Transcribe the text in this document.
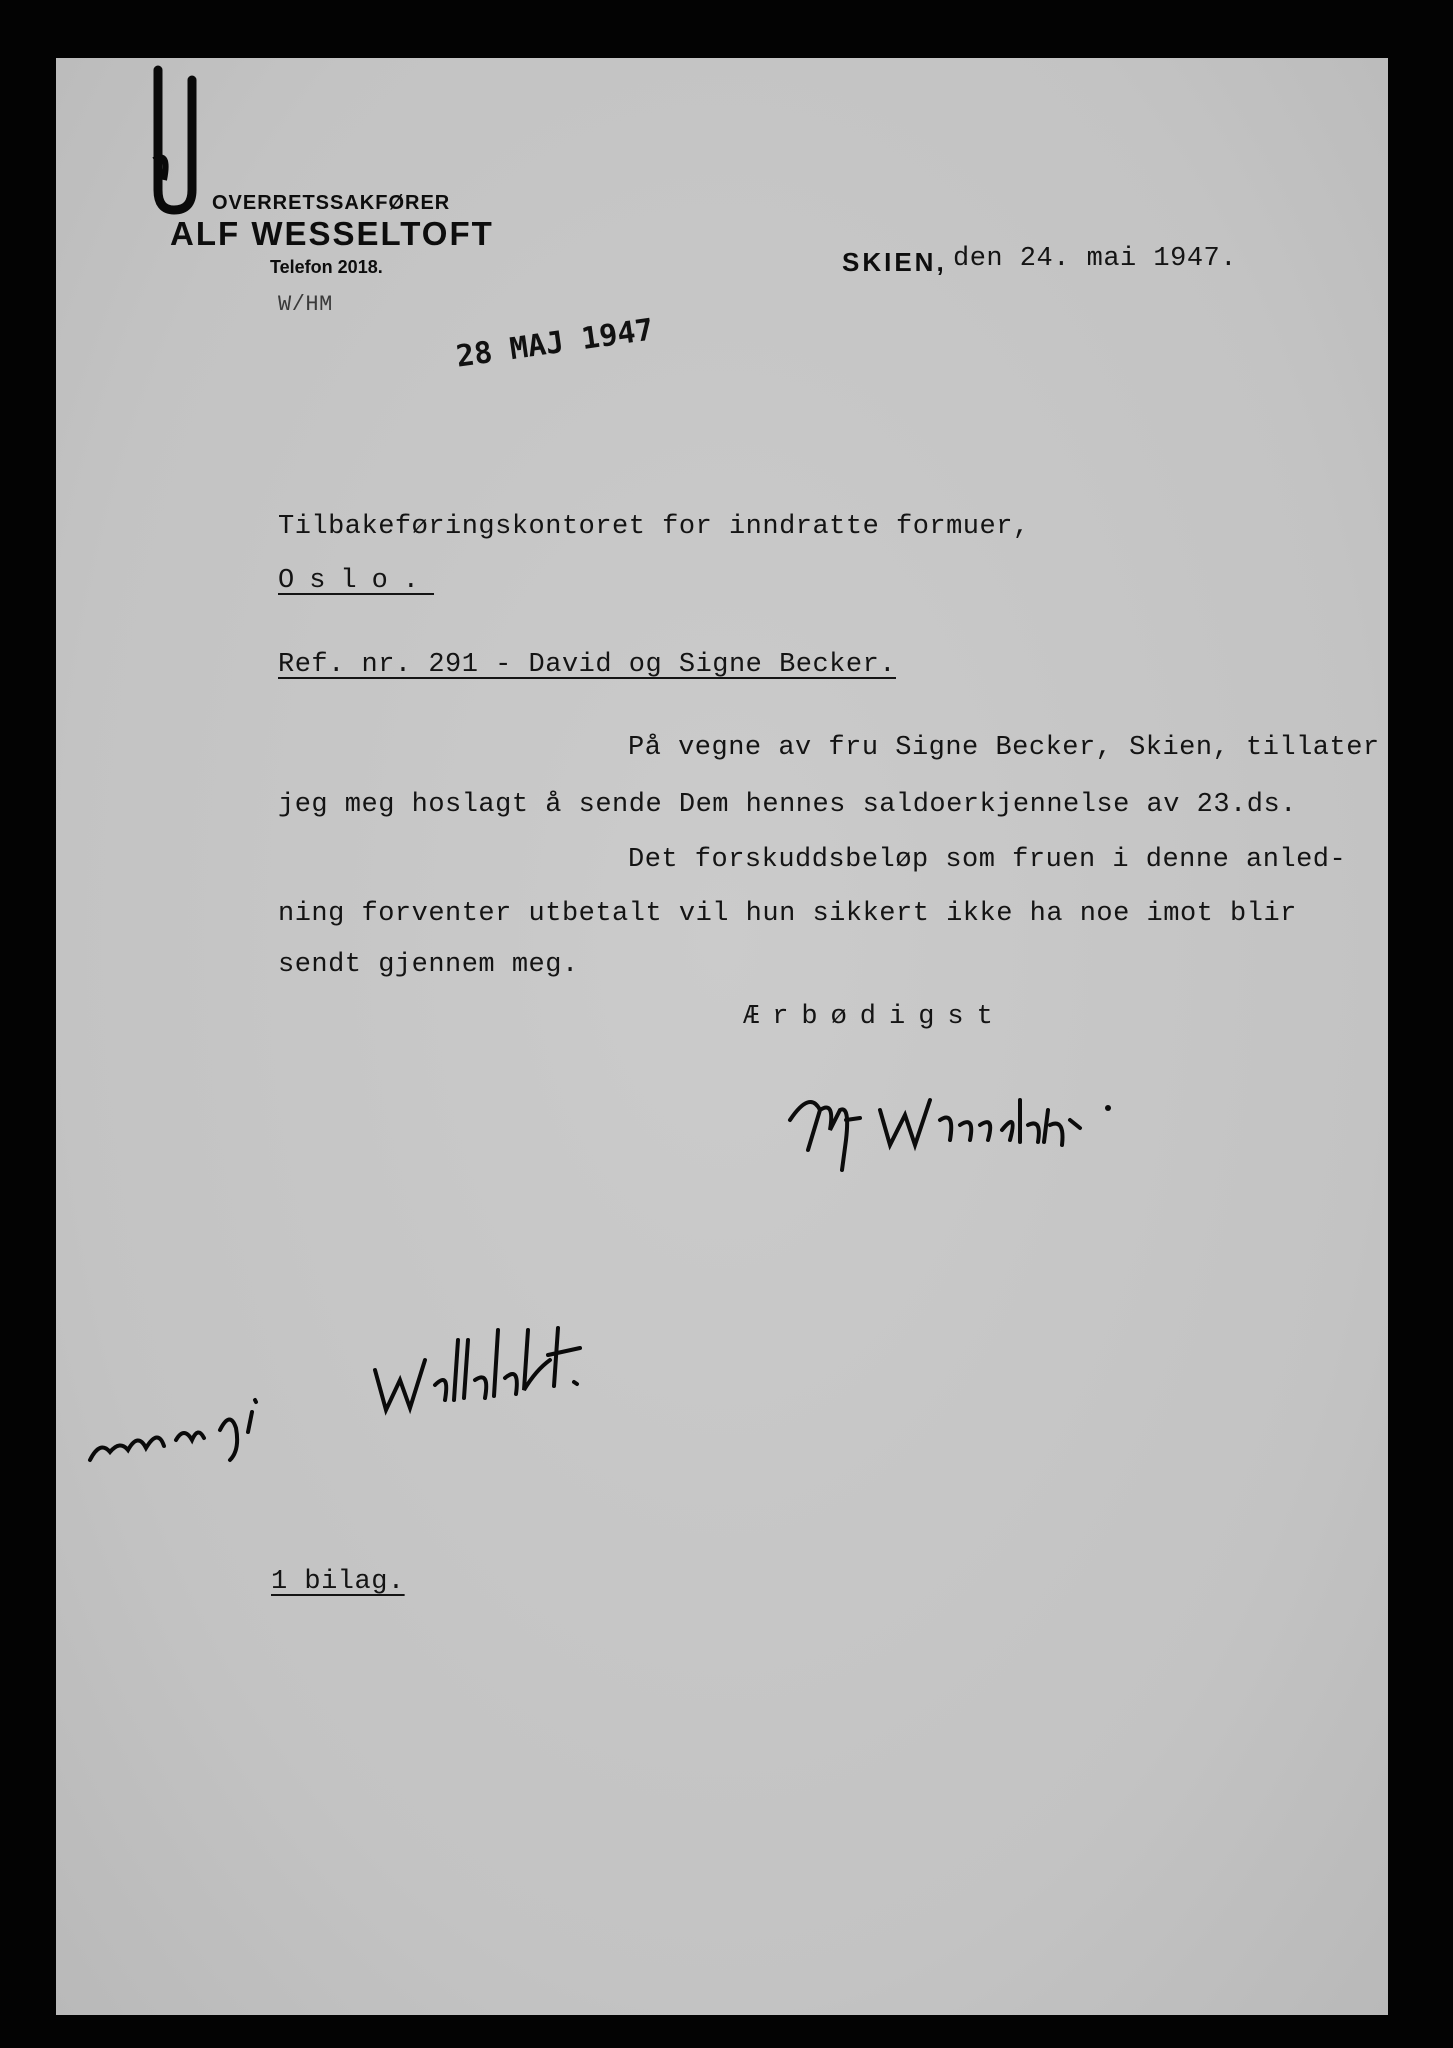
OVERRETSSAKFØRER
ALF WESSELTOFT
Telefon 2018.
W/HM
SKIEN, den 24. mai 1947.
28 MAJ 1947
Tilbakeføringskontoret for inndratte formuer,
Oslo.
Ref. nr. 291 - David og Signe Becker.
På vegne av fru Signe Becker, Skien, tillater
jeg meg hoslagt å sende Dem hennes saldoerkjennelse av 23.ds.
Det forskuddsbeløp som fruen i denne anled-
ning forventer utbetalt vil hun sikkert ikke ha noe imot blir
sendt gjennem meg.
Ærbødigst
1 bilag.
